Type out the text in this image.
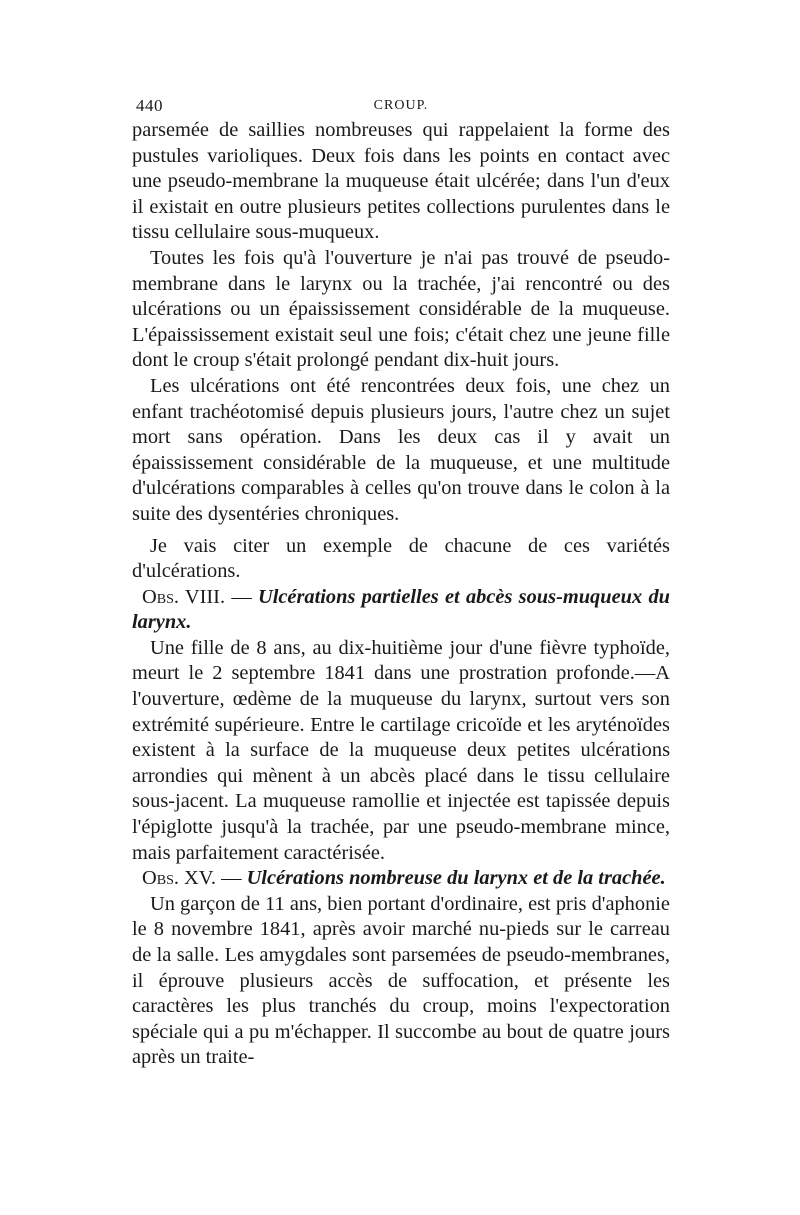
440	CROUP.

parsemée de saillies nombreuses qui rappelaient la forme des pustules varioliques. Deux fois dans les points en contact avec une pseudo-membrane la muqueuse était ulcérée; dans l'un d'eux il existait en outre plusieurs petites collections purulentes dans le tissu cellulaire sous-muqueux.

Toutes les fois qu'à l'ouverture je n'ai pas trouvé de pseudo-membrane dans le larynx ou la trachée, j'ai rencontré ou des ulcérations ou un épaississement considérable de la muqueuse. L'épaississement existait seul une fois; c'était chez une jeune fille dont le croup s'était prolongé pendant dix-huit jours.

Les ulcérations ont été rencontrées deux fois, une chez un enfant trachéotomisé depuis plusieurs jours, l'autre chez un sujet mort sans opération. Dans les deux cas il y avait un épaississement considérable de la muqueuse, et une multitude d'ulcérations comparables à celles qu'on trouve dans le colon à la suite des dysentéries chroniques.

Je vais citer un exemple de chacune de ces variétés d'ulcérations.

Obs. VIII. — Ulcérations partielles et abcès sous-muqueux du larynx.

Une fille de 8 ans, au dix-huitième jour d'une fièvre typhoïde, meurt le 2 septembre 1841 dans une prostration profonde.—A l'ouverture, œdème de la muqueuse du larynx, surtout vers son extrémité supérieure. Entre le cartilage cricoïde et les aryténoïdes existent à la surface de la muqueuse deux petites ulcérations arrondies qui mènent à un abcès placé dans le tissu cellulaire sous-jacent. La muqueuse ramollie et injectée est tapissée depuis l'épiglotte jusqu'à la trachée, par une pseudo-membrane mince, mais parfaitement caractérisée.

Obs. XV. — Ulcérations nombreuse du larynx et de la trachée.

Un garçon de 11 ans, bien portant d'ordinaire, est pris d'aphonie le 8 novembre 1841, après avoir marché nu-pieds sur le carreau de la salle. Les amygdales sont parsemées de pseudo-membranes, il éprouve plusieurs accès de suffocation, et présente les caractères les plus tranchés du croup, moins l'expectoration spéciale qui a pu m'échapper. Il succombe au bout de quatre jours après un traite-
